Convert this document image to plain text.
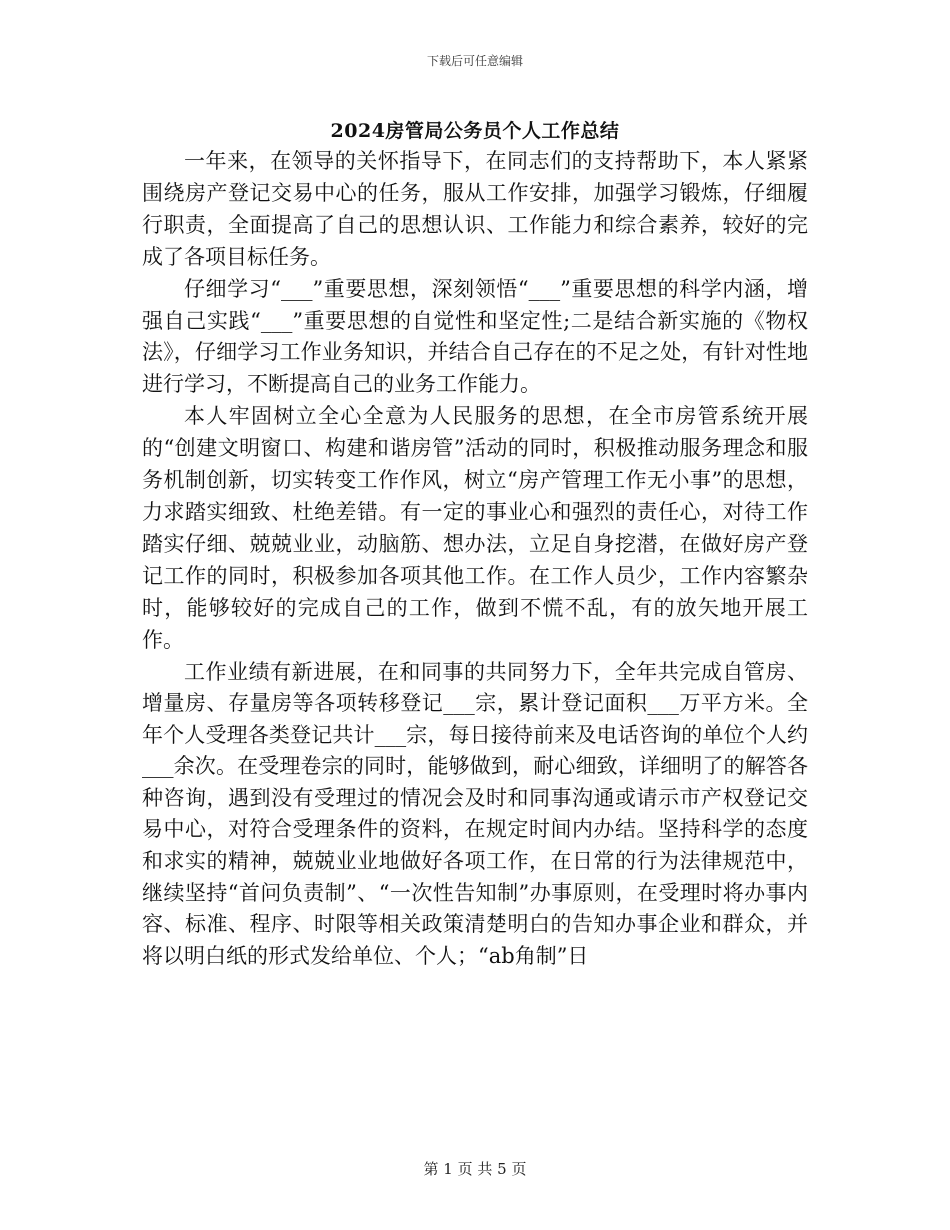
下载后可任意编辑
2024房管局公务员个人工作总结

一年来，在领导的关怀指导下，在同志们的支持帮助下，本人紧紧围绕房产登记交易中心的任务，服从工作安排，加强学习锻炼，仔细履行职责，全面提高了自己的思想认识、工作能力和综合素养，较好的完成了各项目标任务。

仔细学习“___”重要思想，深刻领悟“___”重要思想的科学内涵，增强自己实践“___”重要思想的自觉性和坚定性;二是结合新实施的《物权法》，仔细学习工作业务知识，并结合自己存在的不足之处，有针对性地进行学习，不断提高自己的业务工作能力。

本人牢固树立全心全意为人民服务的思想，在全市房管系统开展的“创建文明窗口、构建和谐房管”活动的同时，积极推动服务理念和服务机制创新，切实转变工作作风，树立“房产管理工作无小事”的思想，力求踏实细致、杜绝差错。有一定的事业心和强烈的责任心，对待工作踏实仔细、兢兢业业，动脑筋、想办法，立足自身挖潜，在做好房产登记工作的同时，积极参加各项其他工作。在工作人员少，工作内容繁杂时，能够较好的完成自己的工作，做到不慌不乱，有的放矢地开展工作。

工作业绩有新进展，在和同事的共同努力下，全年共完成自管房、增量房、存量房等各项转移登记___宗，累计登记面积___万平方米。全年个人受理各类登记共计___宗，每日接待前来及电话咨询的单位个人约___余次。在受理卷宗的同时，能够做到，耐心细致，详细明了的解答各种咨询，遇到没有受理过的情况会及时和同事沟通或请示市产权登记交易中心，对符合受理条件的资料，在规定时间内办结。坚持科学的态度和求实的精神，兢兢业业地做好各项工作，在日常的行为法律规范中，继续坚持“首问负责制”、“一次性告知制”办事原则，在受理时将办事内容、标准、程序、时限等相关政策清楚明白的告知办事企业和群众，并将以明白纸的形式发给单位、个人；“ab角制”日

第 1 页 共 5 页
